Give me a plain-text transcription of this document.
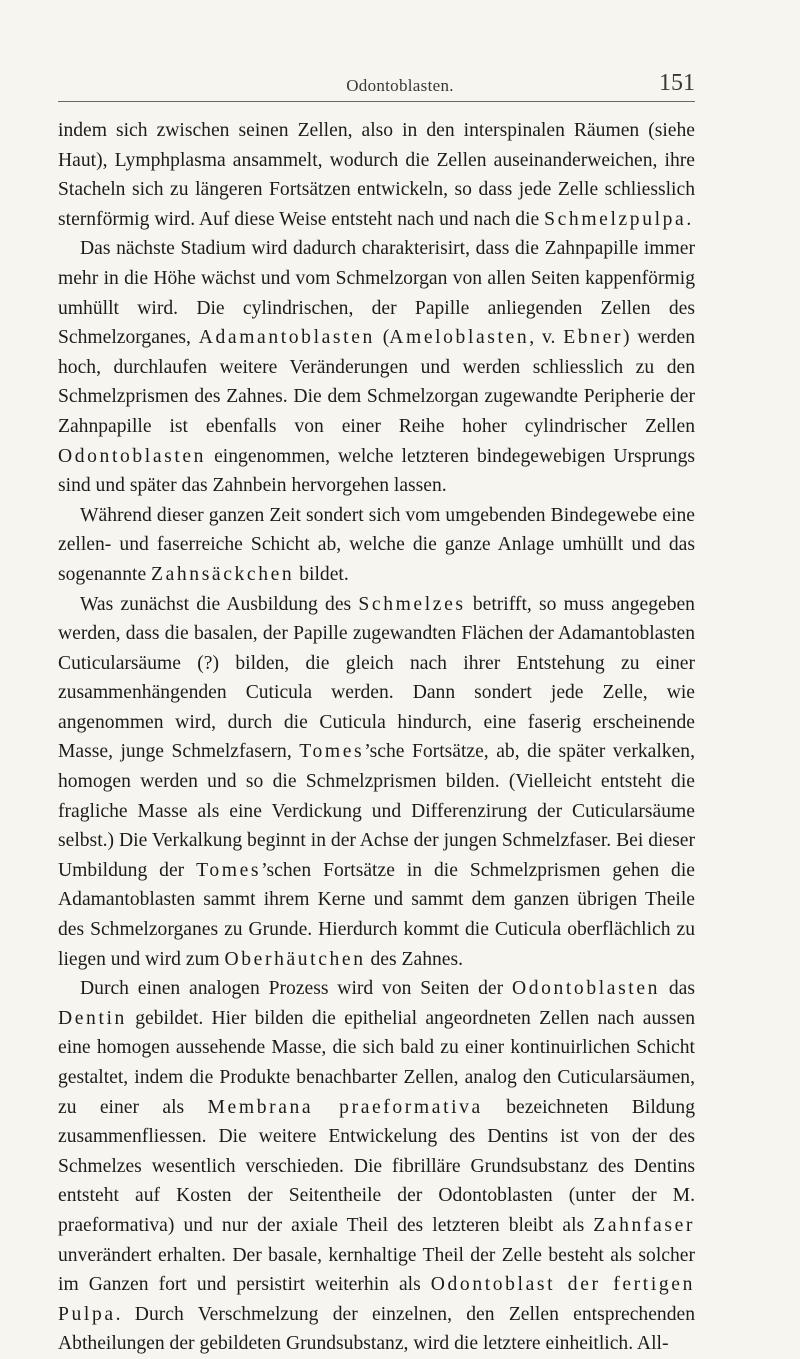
Odontoblasten.	151

indem sich zwischen seinen Zellen, also in den interspinalen Räumen (siehe Haut), Lymphplasma ansammelt, wodurch die Zellen auseinanderweichen, ihre Stacheln sich zu längeren Fortsätzen entwickeln, so dass jede Zelle schliesslich sternförmig wird. Auf diese Weise entsteht nach und nach die Schmelzpulpa.

Das nächste Stadium wird dadurch charakterisirt, dass die Zahnpapille immer mehr in die Höhe wächst und vom Schmelzorgan von allen Seiten kappenförmig umhüllt wird. Die cylindrischen, der Papille anliegenden Zellen des Schmelzorganes, Adamantoblasten (Ameloblasten, v. Ebner) werden hoch, durchlaufen weitere Veränderungen und werden schliesslich zu den Schmelzprismen des Zahnes. Die dem Schmelzorgan zugewandte Peripherie der Zahnpapille ist ebenfalls von einer Reihe hoher cylindrischer Zellen Odontoblasten eingenommen, welche letzteren bindegewebigen Ursprungs sind und später das Zahnbein hervorgehen lassen.

Während dieser ganzen Zeit sondert sich vom umgebenden Bindegewebe eine zellen- und faserreiche Schicht ab, welche die ganze Anlage umhüllt und das sogenannte Zahnsäckchen bildet.

Was zunächst die Ausbildung des Schmelzes betrifft, so muss angegeben werden, dass die basalen, der Papille zugewandten Flächen der Adamantoblasten Cuticularsäume (?) bilden, die gleich nach ihrer Entstehung zu einer zusammenhängenden Cuticula werden. Dann sondert jede Zelle, wie angenommen wird, durch die Cuticula hindurch, eine faserig erscheinende Masse, junge Schmelzfasern, Tomes’sche Fortsätze, ab, die später verkalken, homogen werden und so die Schmelzprismen bilden. (Vielleicht entsteht die fragliche Masse als eine Verdickung und Differenzirung der Cuticularsäume selbst.) Die Verkalkung beginnt in der Achse der jungen Schmelzfaser. Bei dieser Umbildung der Tomes’schen Fortsätze in die Schmelzprismen gehen die Adamantoblasten sammt ihrem Kerne und sammt dem ganzen übrigen Theile des Schmelzorganes zu Grunde. Hierdurch kommt die Cuticula oberflächlich zu liegen und wird zum Oberhäutchen des Zahnes.

Durch einen analogen Prozess wird von Seiten der Odontoblasten das Dentin gebildet. Hier bilden die epithelial angeordneten Zellen nach aussen eine homogen aussehende Masse, die sich bald zu einer kontinuirlichen Schicht gestaltet, indem die Produkte benachbarter Zellen, analog den Cuticularsäumen, zu einer als Membrana praeformativa bezeichneten Bildung zusammenfliessen. Die weitere Entwickelung des Dentins ist von der des Schmelzes wesentlich verschieden. Die fibrilläre Grundsubstanz des Dentins entsteht auf Kosten der Seitentheile der Odontoblasten (unter der M. praeformativa) und nur der axiale Theil des letzteren bleibt als Zahnfaser unverändert erhalten. Der basale, kernhaltige Theil der Zelle besteht als solcher im Ganzen fort und persistirt weiterhin als Odontoblast der fertigen Pulpa. Durch Verschmelzung der einzelnen, den Zellen entsprechenden Abtheilungen der gebildeten Grundsubstanz, wird die letztere einheitlich. All-
